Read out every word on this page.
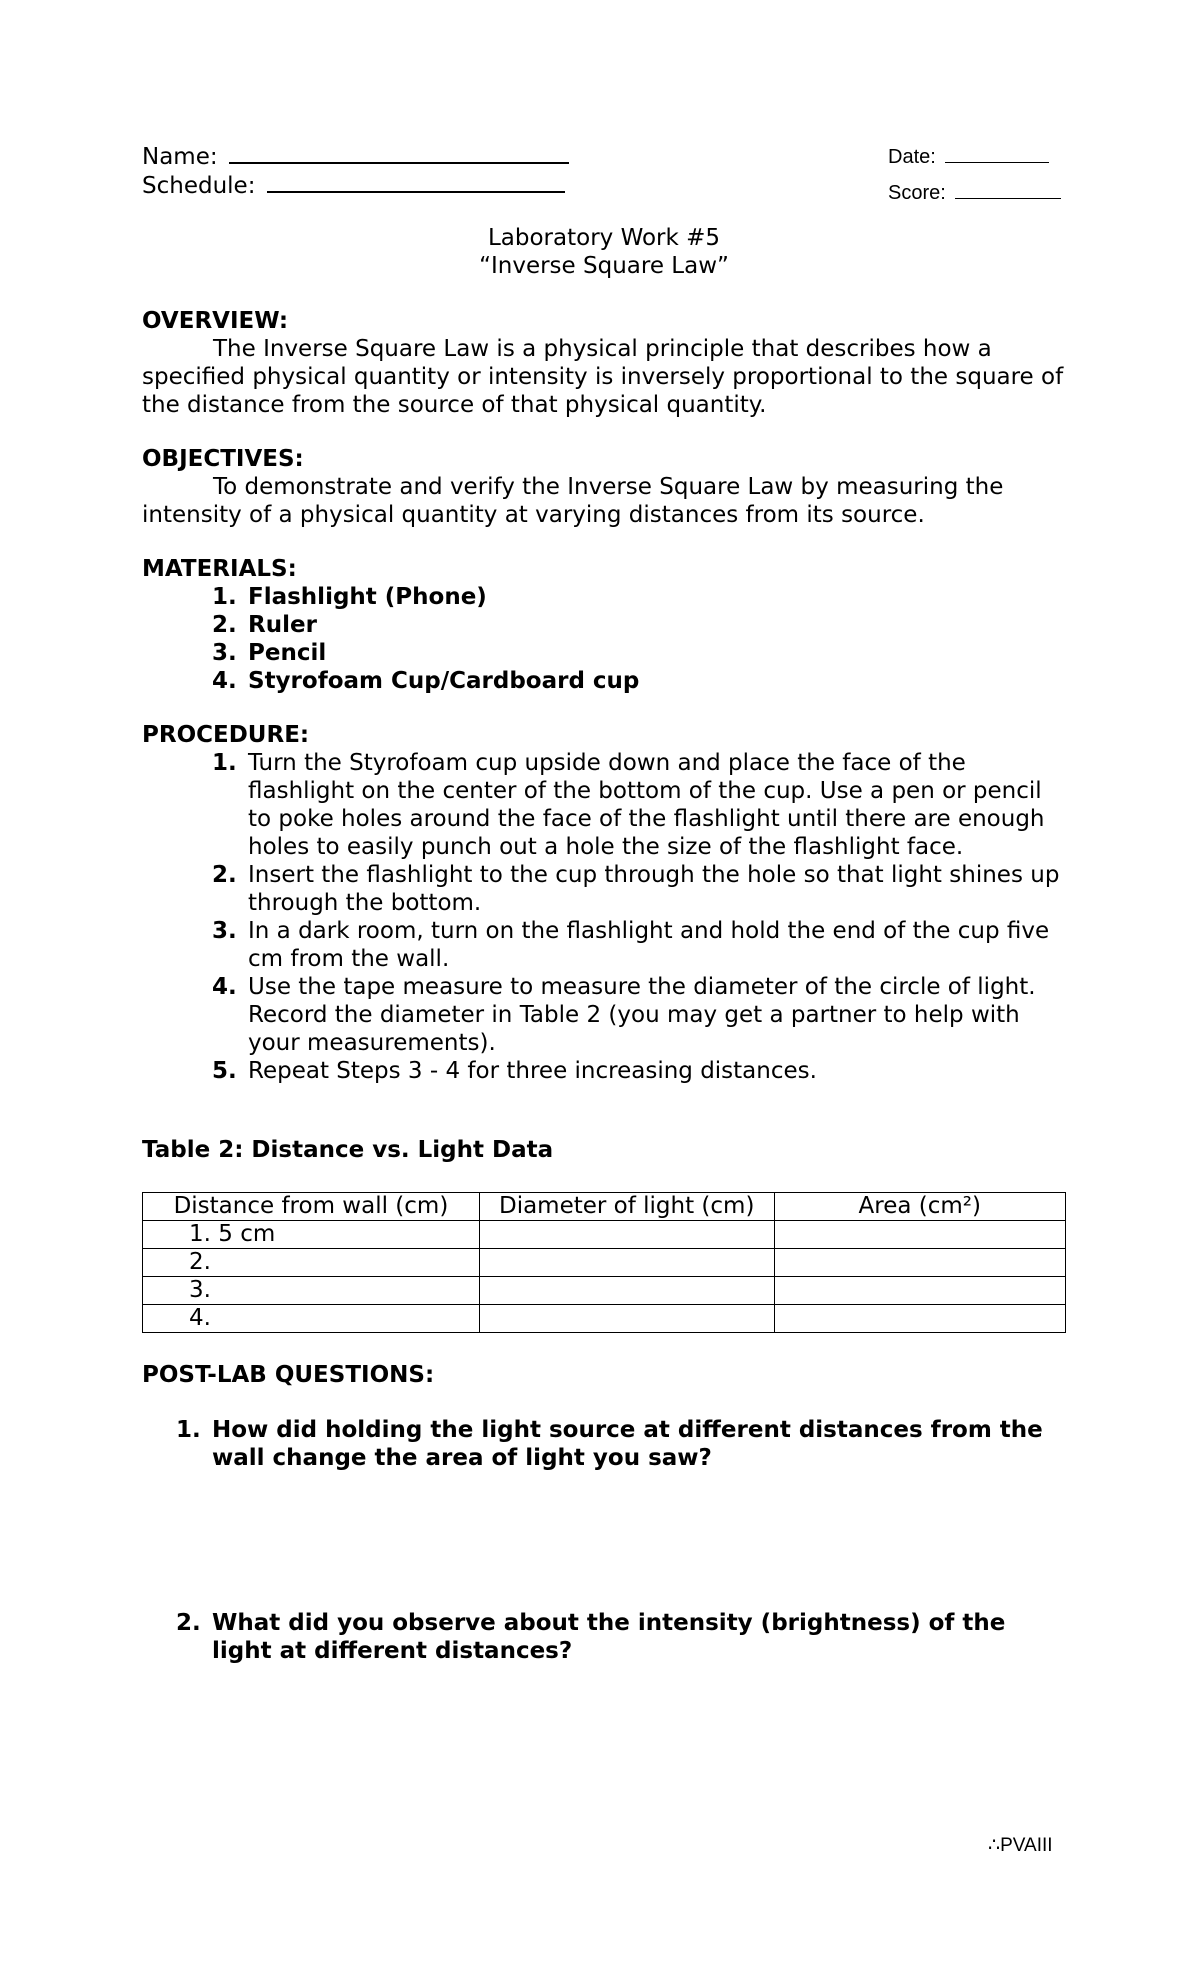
Name:
Schedule:
Date:
Score:
Laboratory Work #5
“Inverse Square Law”
OVERVIEW:
The Inverse Square Law is a physical principle that describes how a specified physical quantity or intensity is inversely proportional to the square of the distance from the source of that physical quantity.
OBJECTIVES:
To demonstrate and verify the Inverse Square Law by measuring the intensity of a physical quantity at varying distances from its source.
MATERIALS:
1. Flashlight (Phone)
2. Ruler
3. Pencil
4. Styrofoam Cup/Cardboard cup
PROCEDURE:
1. Turn the Styrofoam cup upside down and place the face of the flashlight on the center of the bottom of the cup. Use a pen or pencil to poke holes around the face of the flashlight until there are enough holes to easily punch out a hole the size of the flashlight face.
2. Insert the flashlight to the cup through the hole so that light shines up through the bottom.
3. In a dark room, turn on the flashlight and hold the end of the cup five cm from the wall.
4. Use the tape measure to measure the diameter of the circle of light. Record the diameter in Table 2 (you may get a partner to help with your measurements).
5. Repeat Steps 3 - 4 for three increasing distances.
Table 2: Distance vs. Light Data
Distance from wall (cm)	Diameter of light (cm)	Area (cm²)
1. 5 cm		
2.		
3.		
4.		
POST-LAB QUESTIONS:
1. How did holding the light source at different distances from the wall change the area of light you saw?
2. What did you observe about the intensity (brightness) of the light at different distances?
∴PVAIII
